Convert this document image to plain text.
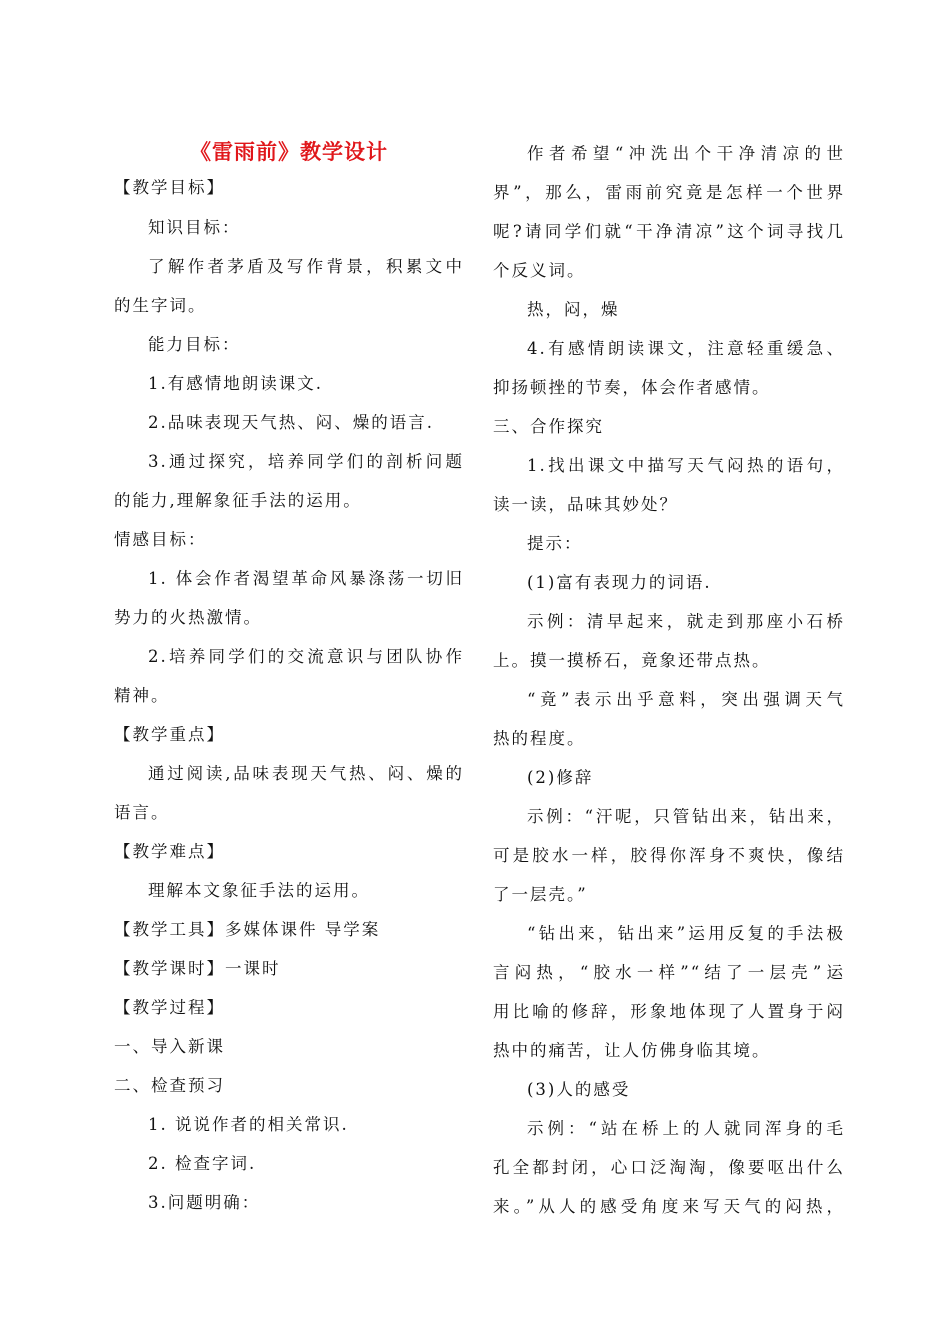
《雷雨前》教学设计
【教学目标】
知识目标：
了解作者茅盾及写作背景，积累文中
的生字词。
能力目标：
1.有感情地朗读课文.
2.品味表现天气热、闷、燥的语言.
3.通过探究，培养同学们的剖析问题
的能力,理解象征手法的运用。
情感目标：
1. 体会作者渴望革命风暴涤荡一切旧
势力的火热激情。
2.培养同学们的交流意识与团队协作
精神。
【教学重点】
通过阅读,品味表现天气热、闷、燥的
语言。
【教学难点】
理解本文象征手法的运用。
【教学工具】多媒体课件 导学案
【教学课时】一课时
【教学过程】
一、导入新课
二、检查预习
1. 说说作者的相关常识.
2. 检查字词.
3.问题明确：
作者希望“冲洗出个干净清凉的世
界”，那么，雷雨前究竟是怎样一个世界
呢?请同学们就“干净清凉”这个词寻找几
个反义词。
热，闷，燥
4.有感情朗读课文，注意轻重缓急、
抑扬顿挫的节奏，体会作者感情。
三、合作探究
1.找出课文中描写天气闷热的语句，
读一读，品味其妙处？
提示：
(1)富有表现力的词语.
示例：清早起来，就走到那座小石桥
上。摸一摸桥石，竟象还带点热。
“竟”表示出乎意料，突出强调天气
热的程度。
(2)修辞
示例：“汗呢，只管钻出来，钻出来，
可是胶水一样，胶得你浑身不爽快，像结
了一层壳。”
“钻出来，钻出来”运用反复的手法极
言闷热，“胶水一样”“结了一层壳”运
用比喻的修辞，形象地体现了人置身于闷
热中的痛苦，让人仿佛身临其境。
(3)人的感受
示例：“站在桥上的人就同浑身的毛
孔全都封闭，心口泛淘淘，像要呕出什么
来。”从人的感受角度来写天气的闷热，
